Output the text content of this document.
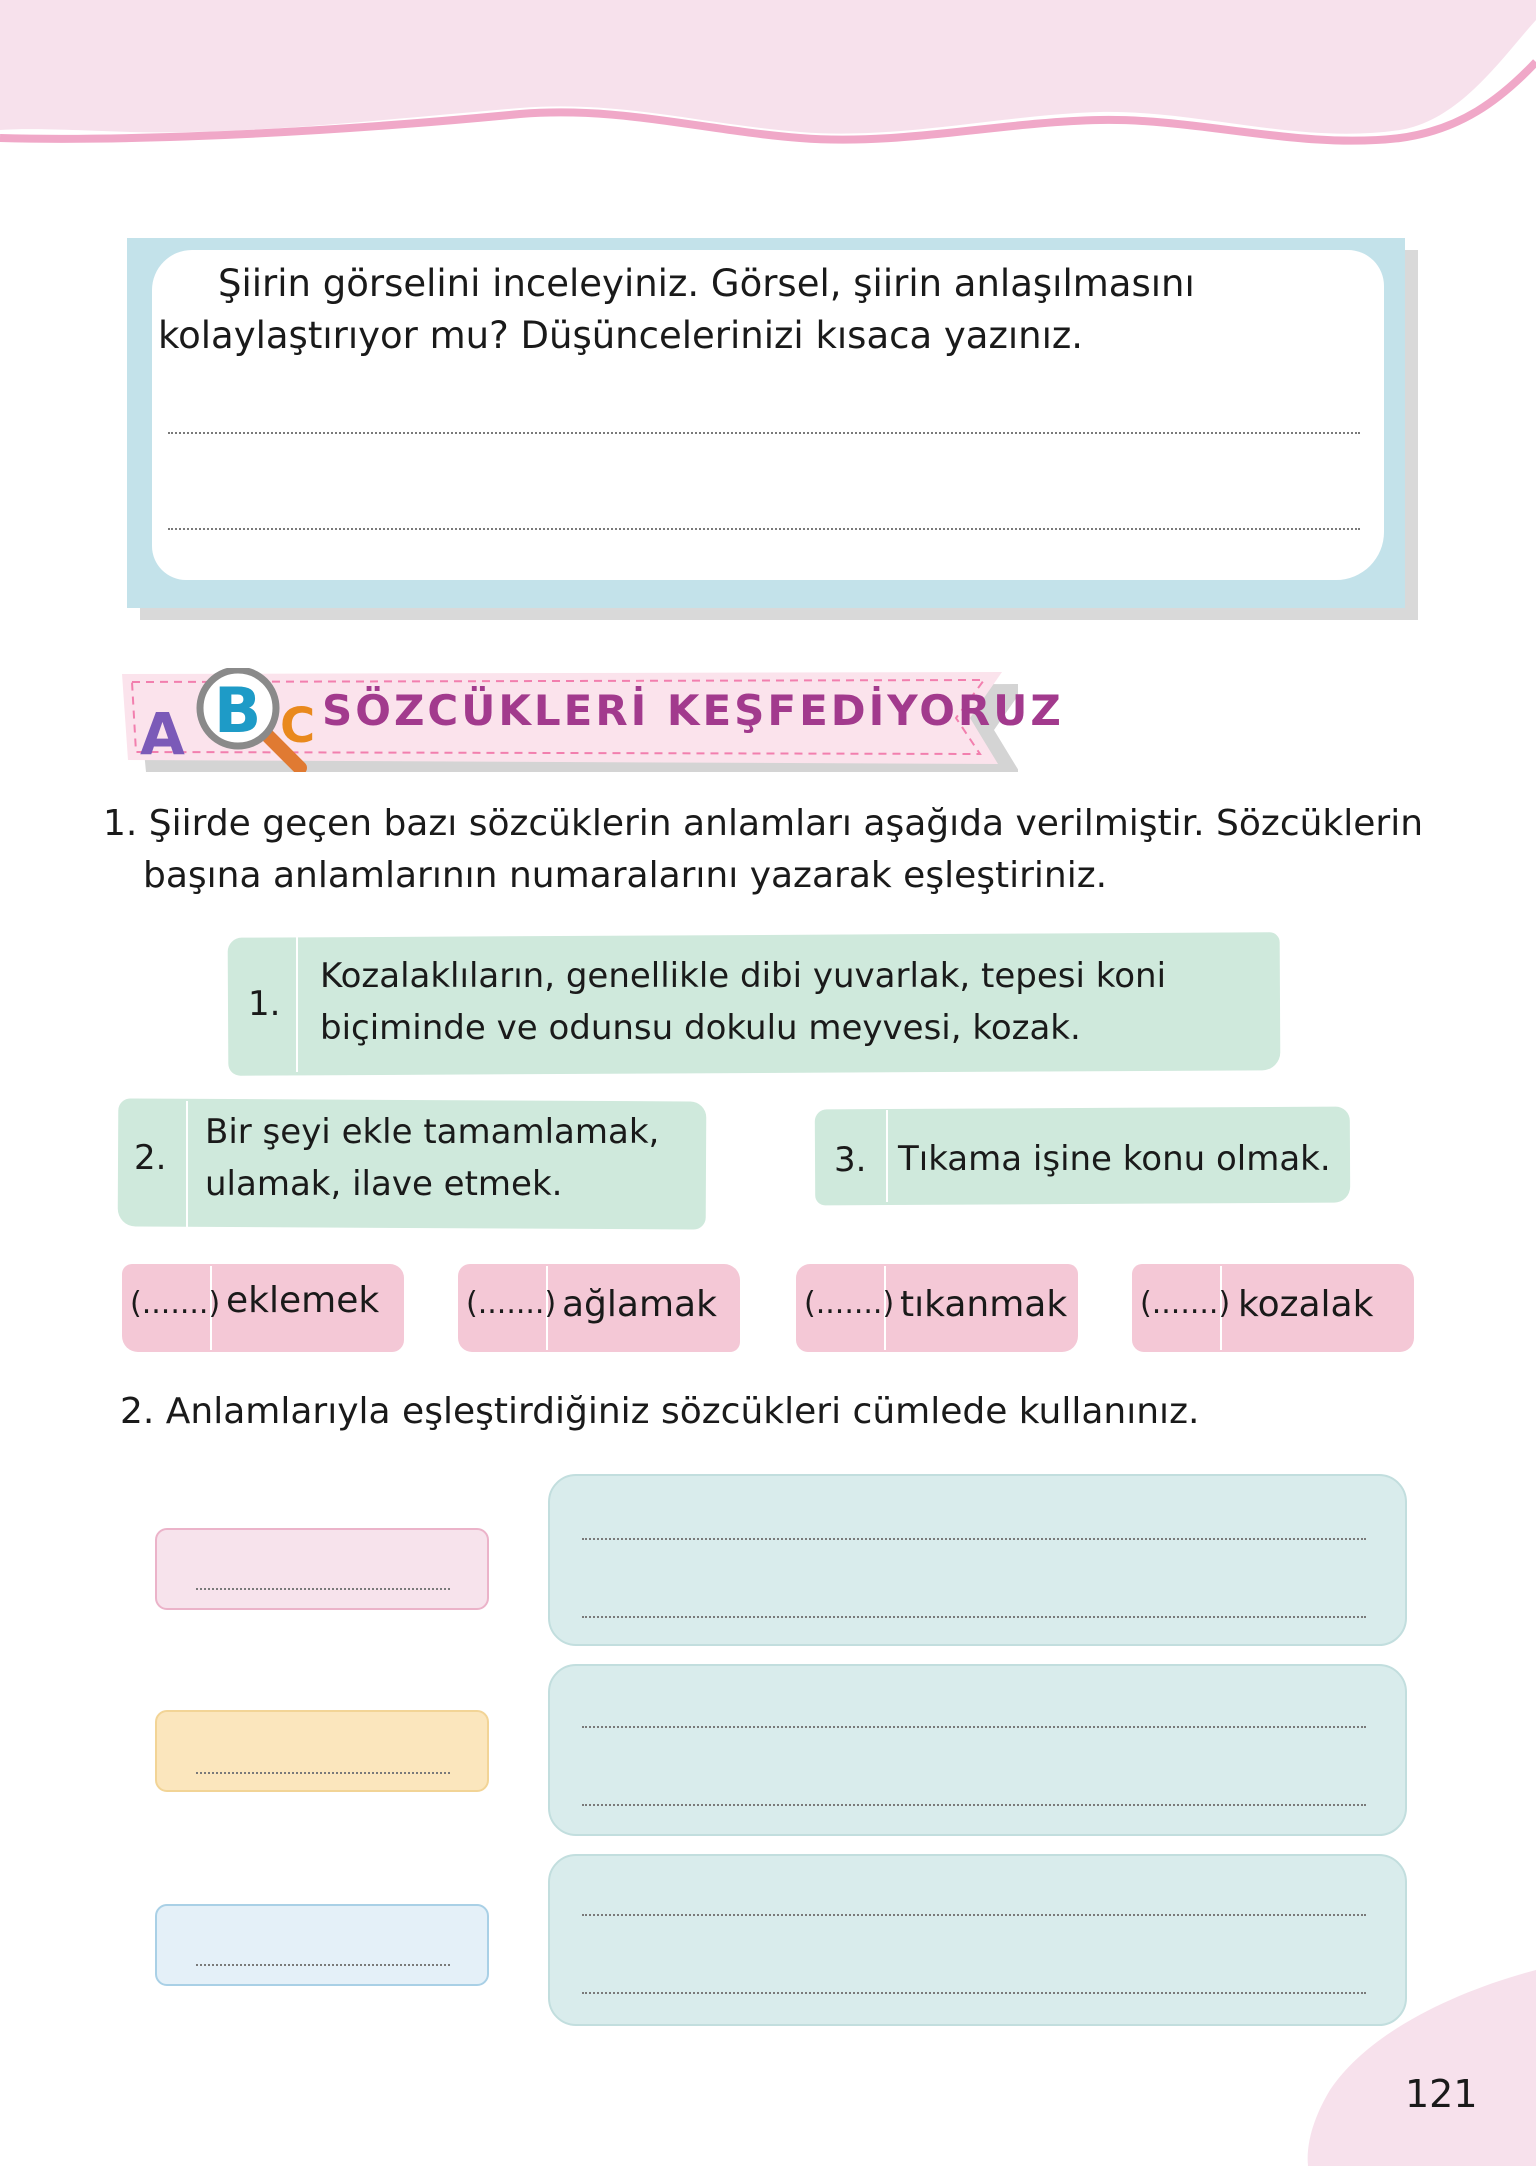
Şiirin görselini inceleyiniz. Görsel, şiirin anlaşılmasını kolaylaştırıyor mu? Düşüncelerinizi kısaca yazınız.

A B C SÖZCÜKLERİ KEŞFEDİYORUZ

1. Şiirde geçen bazı sözcüklerin anlamları aşağıda verilmiştir. Sözcüklerin başına anlamlarının numaralarını yazarak eşleştiriniz.

1.

Kozalaklıların, genellikle dibi yuvarlak, tepesi koni biçiminde ve odunsu dokulu meyvesi, kozak.

2.

Bir şeyi ekle tamamlamak, ulamak, ilave etmek.

3. Tıkama işine konu olmak.

(.......) eklemek	(.......) ağlamak	(.......) tıkanmak (.......) kozalak

2. Anlamlarıyla eşleştirdiğiniz sözcükleri cümlede kullanınız.

121
